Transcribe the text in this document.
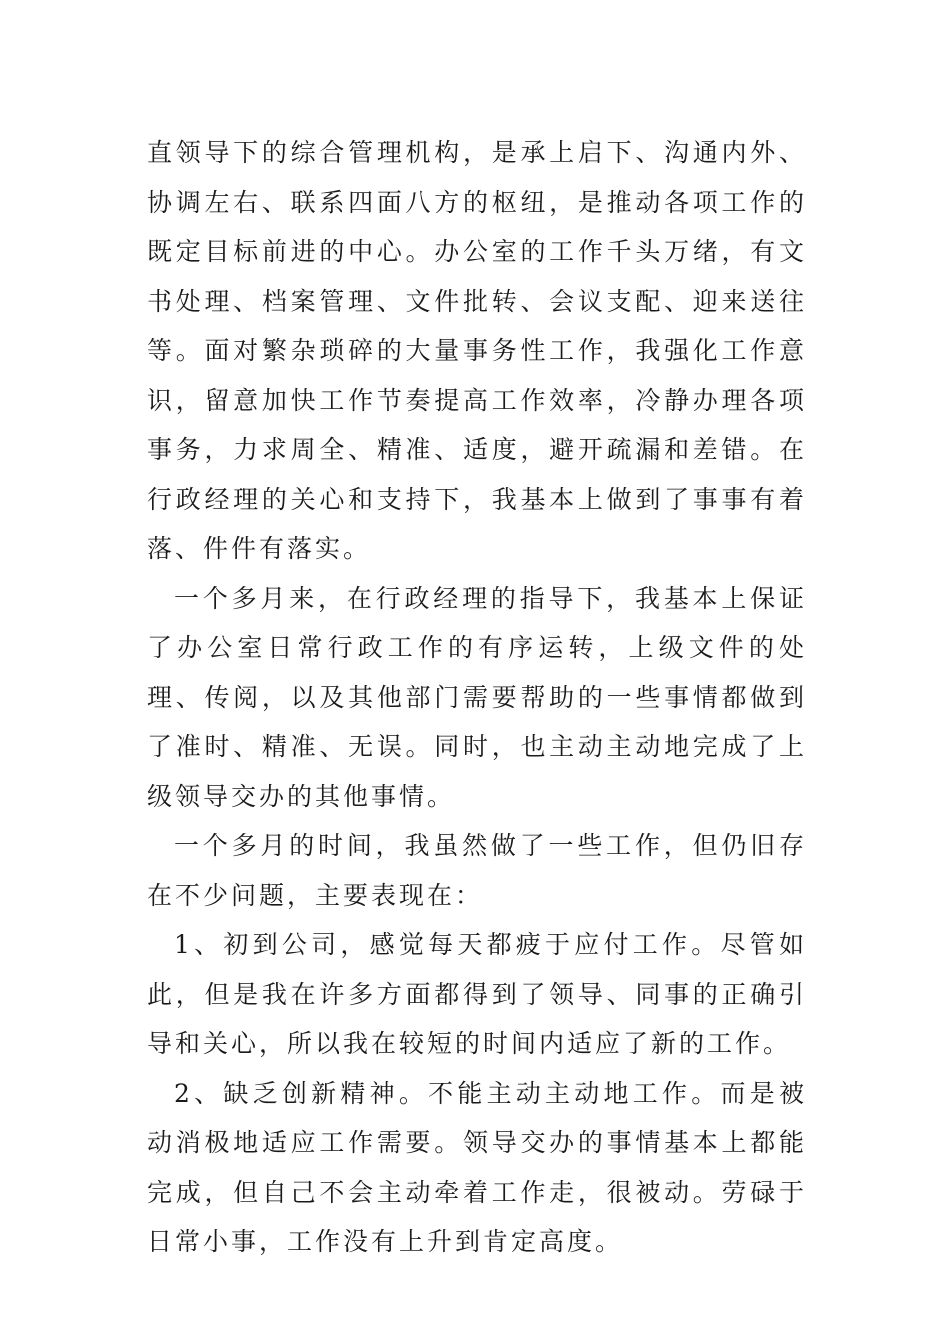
直领导下的综合管理机构，是承上启下、沟通内外、协调左右、联系四面八方的枢纽，是推动各项工作的既定目标前进的中心。办公室的工作千头万绪，有文书处理、档案管理、文件批转、会议支配、迎来送往等。面对繁杂琐碎的大量事务性工作，我强化工作意识，留意加快工作节奏提高工作效率，冷静办理各项事务，力求周全、精准、适度，避开疏漏和差错。在行政经理的关心和支持下，我基本上做到了事事有着落、件件有落实。

一个多月来，在行政经理的指导下，我基本上保证了办公室日常行政工作的有序运转，上级文件的处理、传阅，以及其他部门需要帮助的一些事情都做到了准时、精准、无误。同时，也主动主动地完成了上级领导交办的其他事情。

一个多月的时间，我虽然做了一些工作，但仍旧存在不少问题，主要表现在：

1、初到公司，感觉每天都疲于应付工作。尽管如此，但是我在许多方面都得到了领导、同事的正确引导和关心，所以我在较短的时间内适应了新的工作。

2、缺乏创新精神。不能主动主动地工作。而是被动消极地适应工作需要。领导交办的事情基本上都能完成，但自己不会主动牵着工作走，很被动。劳碌于日常小事，工作没有上升到肯定高度。
